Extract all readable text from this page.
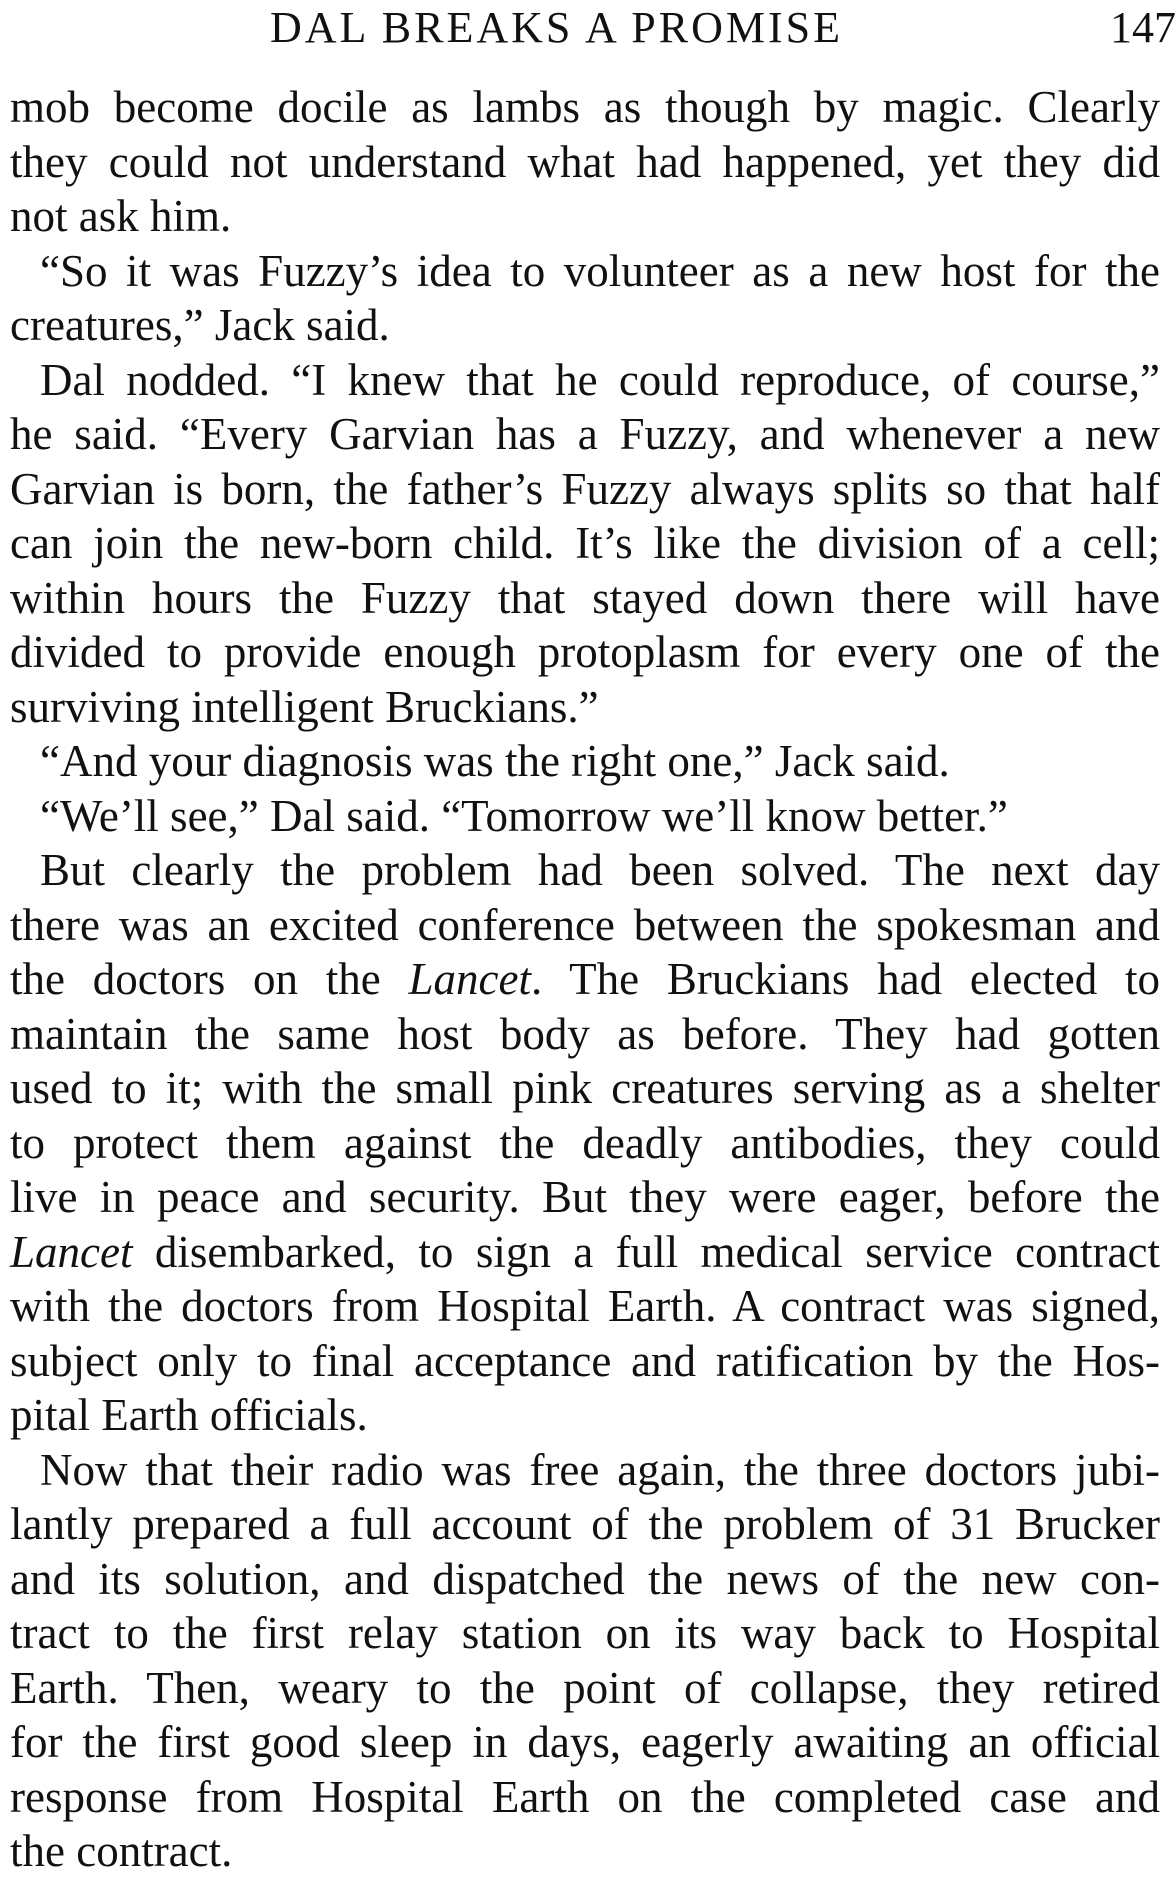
DAL BREAKS A PROMISE	147
mob become docile as lambs as though by magic. Clearly
they could not understand what had happened, yet they did
not ask him.
“So it was Fuzzy’s idea to volunteer as a new host for the
creatures,” Jack said.
Dal nodded. “I knew that he could reproduce, of course,”
he said. “Every Garvian has a Fuzzy, and whenever a new
Garvian is born, the father’s Fuzzy always splits so that half
can join the new-born child. It’s like the division of a cell;
within hours the Fuzzy that stayed down there will have
divided to provide enough protoplasm for every one of the
surviving intelligent Bruckians.”
“And your diagnosis was the right one,” Jack said.
“We’ll see,” Dal said. “Tomorrow we’ll know better.”
But clearly the problem had been solved. The next day
there was an excited conference between the spokesman and
the doctors on the Lancet. The Bruckians had elected to
maintain the same host body as before. They had gotten
used to it; with the small pink creatures serving as a shelter
to protect them against the deadly antibodies, they could
live in peace and security. But they were eager, before the
Lancet disembarked, to sign a full medical service contract
with the doctors from Hospital Earth. A contract was signed,
subject only to final acceptance and ratification by the Hos-
pital Earth officials.
Now that their radio was free again, the three doctors jubi-
lantly prepared a full account of the problem of 31 Brucker
and its solution, and dispatched the news of the new con-
tract to the first relay station on its way back to Hospital
Earth. Then, weary to the point of collapse, they retired
for the first good sleep in days, eagerly awaiting an official
response from Hospital Earth on the completed case and
the contract.
